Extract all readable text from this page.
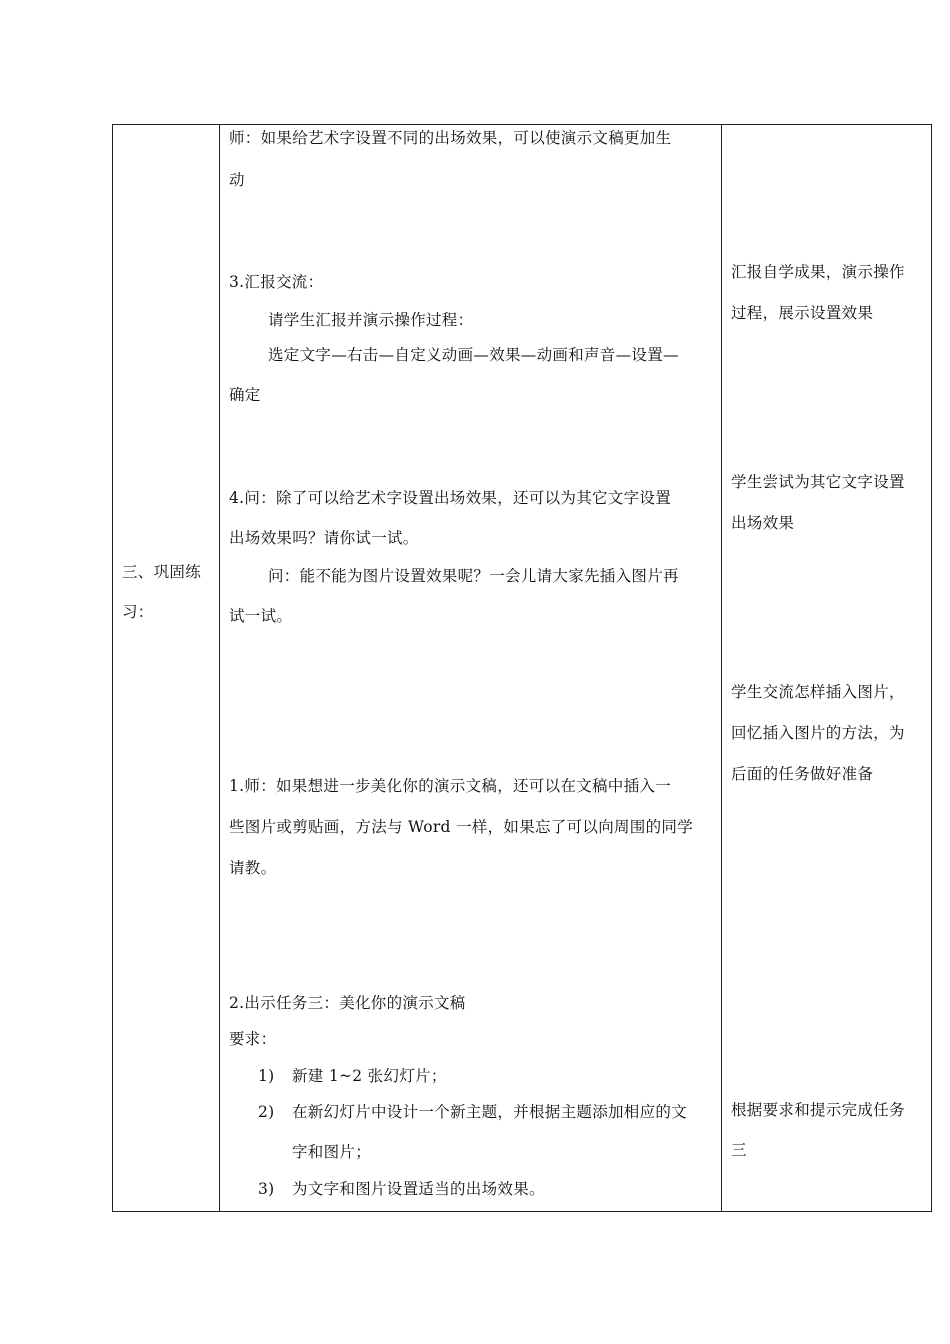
三、巩固练
习：
师：如果给艺术字设置不同的出场效果，可以使演示文稿更加生
动
3.汇报交流：
请学生汇报并演示操作过程：
选定文字—右击—自定义动画—效果—动画和声音—设置—
确定
4.问：除了可以给艺术字设置出场效果，还可以为其它文字设置
出场效果吗？请你试一试。
问：能不能为图片设置效果呢？一会儿请大家先插入图片再
试一试。
1.师：如果想进一步美化你的演示文稿，还可以在文稿中插入一
些图片或剪贴画，方法与 Word 一样，如果忘了可以向周围的同学
请教。
2.出示任务三：美化你的演示文稿
要求：
1) 新建 1~2 张幻灯片；
2) 在新幻灯片中设计一个新主题，并根据主题添加相应的文
字和图片；
3) 为文字和图片设置适当的出场效果。
汇报自学成果，演示操作
过程，展示设置效果
学生尝试为其它文字设置
出场效果
学生交流怎样插入图片，
回忆插入图片的方法，为
后面的任务做好准备
根据要求和提示完成任务
三
